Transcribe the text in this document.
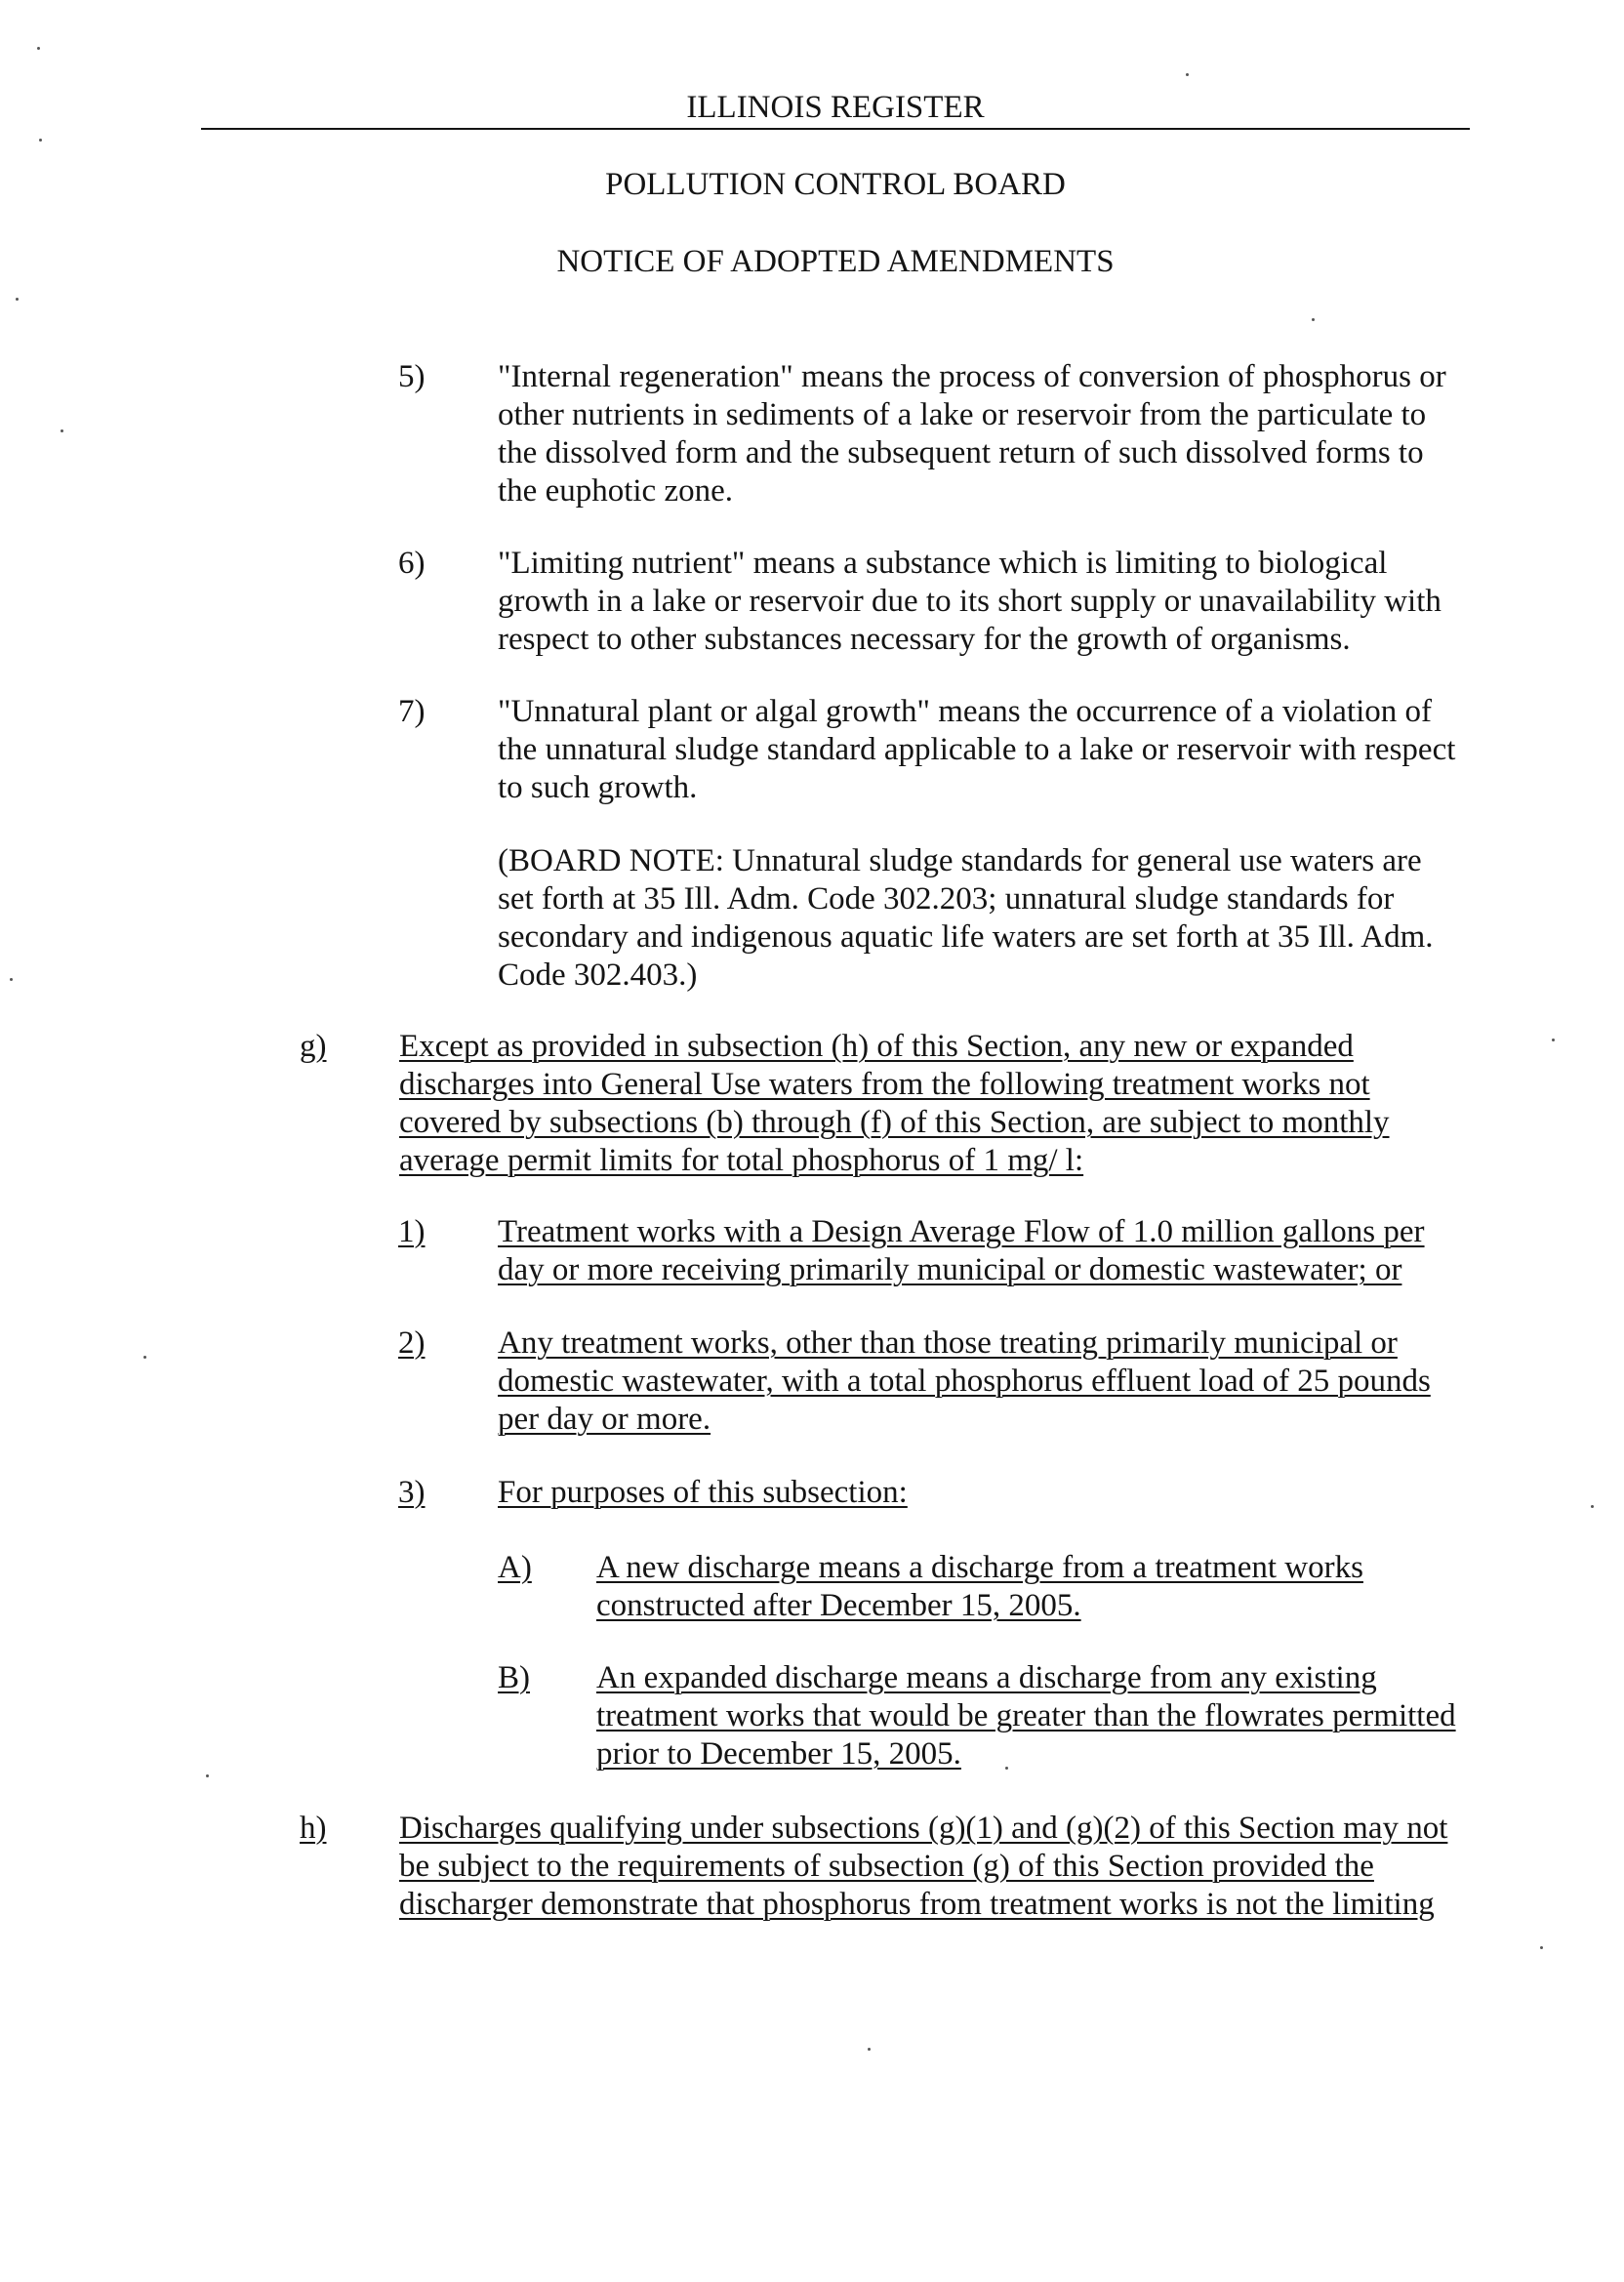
ILLINOIS REGISTER
POLLUTION CONTROL BOARD
NOTICE OF ADOPTED AMENDMENTS
5) "Internal regeneration" means the process of conversion of phosphorus or
other nutrients in sediments of a lake or reservoir from the particulate to
the dissolved form and the subsequent return of such dissolved forms to
the euphotic zone.
6) "Limiting nutrient" means a substance which is limiting to biological
growth in a lake or reservoir due to its short supply or unavailability with
respect to other substances necessary for the growth of organisms.
7) "Unnatural plant or algal growth" means the occurrence of a violation of
the unnatural sludge standard applicable to a lake or reservoir with respect
to such growth.
(BOARD NOTE: Unnatural sludge standards for general use waters are
set forth at 35 Ill. Adm. Code 302.203; unnatural sludge standards for
secondary and indigenous aquatic life waters are set forth at 35 Ill. Adm.
Code 302.403.)
g) Except as provided in subsection (h) of this Section, any new or expanded
discharges into General Use waters from the following treatment works not
covered by subsections (b) through (f) of this Section, are subject to monthly
average permit limits for total phosphorus of 1 mg/ l:
1) Treatment works with a Design Average Flow of 1.0 million gallons per
day or more receiving primarily municipal or domestic wastewater; or
2) Any treatment works, other than those treating primarily municipal or
domestic wastewater, with a total phosphorus effluent load of 25 pounds
per day or more.
3) For purposes of this subsection:
A) A new discharge means a discharge from a treatment works
constructed after December 15, 2005.
B) An expanded discharge means a discharge from any existing
treatment works that would be greater than the flowrates permitted
prior to December 15, 2005.
h) Discharges qualifying under subsections (g)(1) and (g)(2) of this Section may not
be subject to the requirements of subsection (g) of this Section provided the
discharger demonstrate that phosphorus from treatment works is not the limiting
